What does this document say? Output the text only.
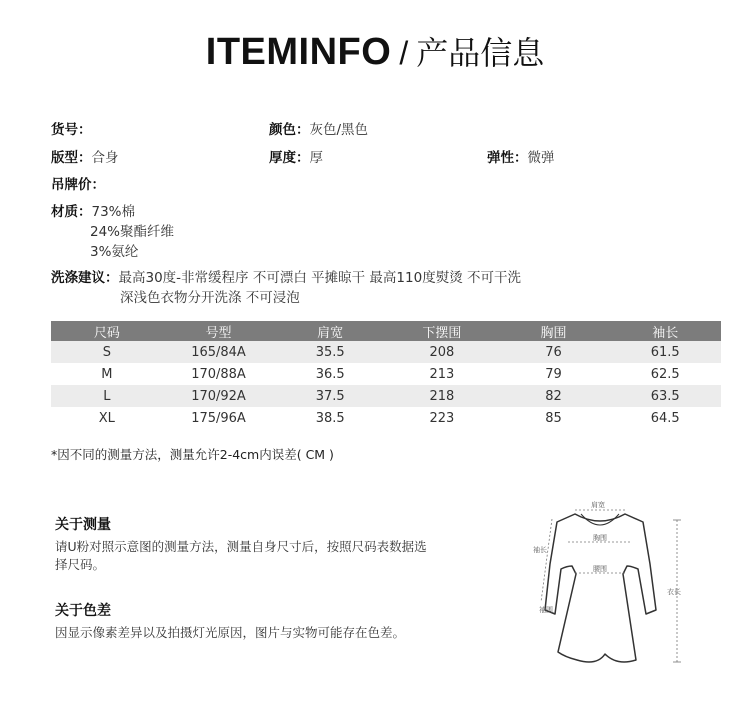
ITEMINFO / 产品信息
货号：	颜色：灰色/黑色
版型：合身	厚度：厚	弹性：微弹
吊牌价：
材质：73%棉
24%聚酯纤维
3%氨纶
洗涤建议：最高30度-非常缓程序 不可漂白 平摊晾干 最高110度熨烫 不可干洗
深浅色衣物分开洗涤 不可浸泡
尺码	号型	肩宽	下摆围	胸围	袖长
S	165/84A	35.5	208	76	61.5
M	170/88A	36.5	213	79	62.5
L	170/92A	37.5	218	82	63.5
XL	175/96A	38.5	223	85	64.5
*因不同的测量方法，测量允许2-4cm内误差( CM )
关于测量
请U粉对照示意图的测量方法，测量自身尺寸后，按照尺码表数据选
择尺码。
关于色差
因显示像素差异以及拍摄灯光原因，图片与实物可能存在色差。
肩宽
胸围
腰围
袖长
袖围
衣长
